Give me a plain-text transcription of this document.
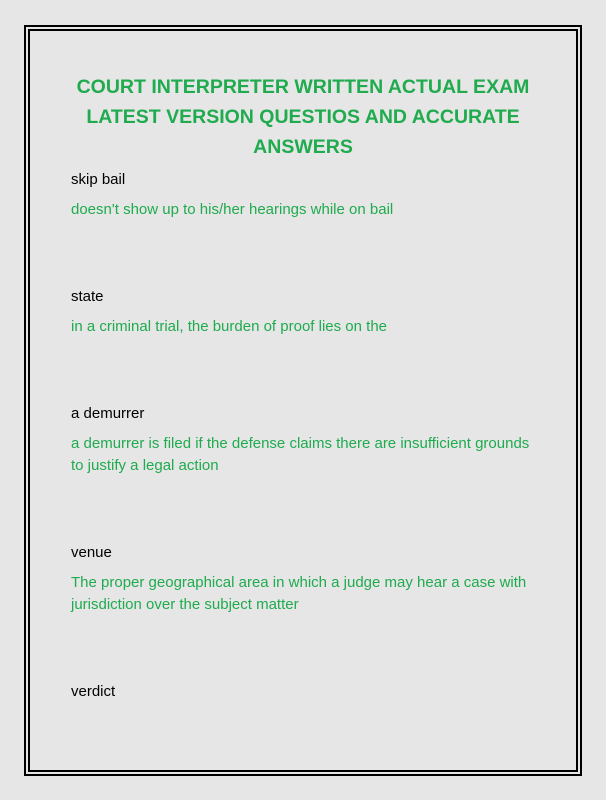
COURT INTERPRETER WRITTEN ACTUAL EXAM LATEST VERSION QUESTIOS AND ACCURATE ANSWERS

skip bail

doesn't show up to his/her hearings while on bail

state

in a criminal trial, the burden of proof lies on the

a demurrer

a demurrer is filed if the defense claims there are insufficient grounds to justify a legal action

venue

The proper geographical area in which a judge may hear a case with jurisdiction over the subject matter

verdict
